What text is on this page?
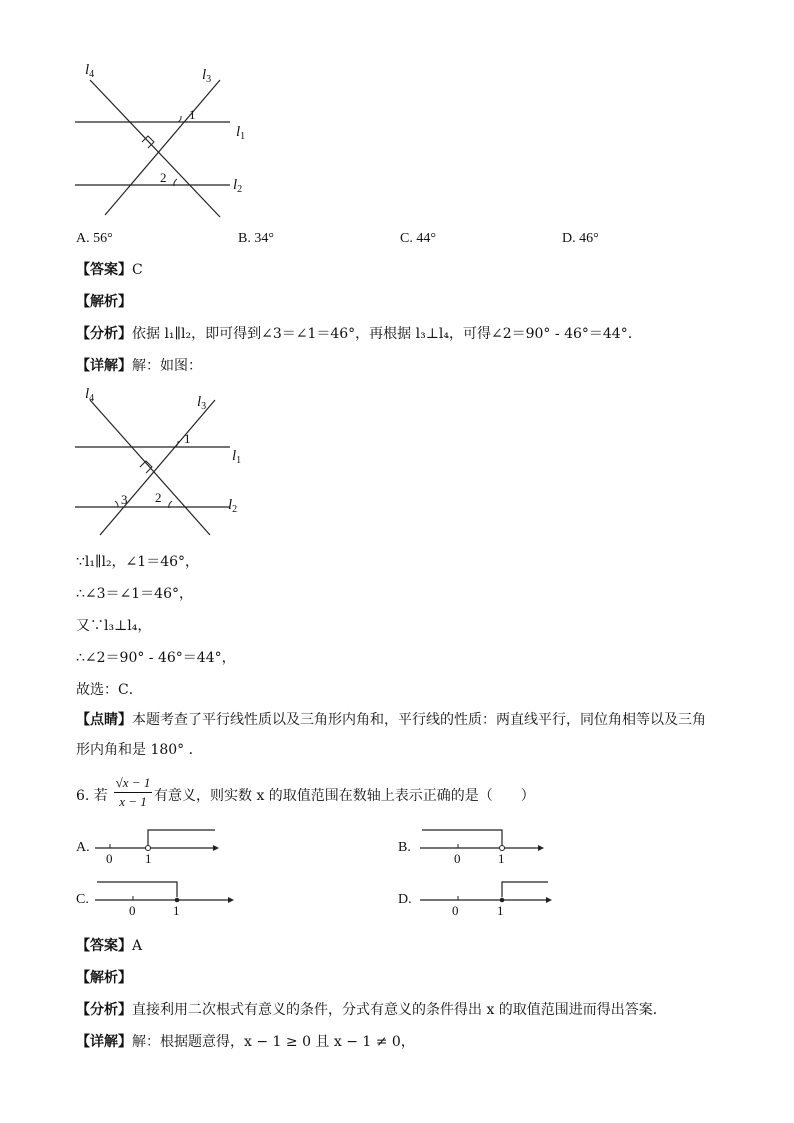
$l_4$	$l_3$
$l_1$
$l_2$
1
2
A. 56°	B. 34°	C. 44°	D. 46°
【答案】C
【解析】
【分析】依据 l₁∥l₂，即可得到∠3＝∠1＝46°，再根据 l₃⊥l₄，可得∠2＝90° - 46°＝44°.
【详解】解：如图：
$l_4$	$l_3$
$l_1$
$l_2$
1
2
3
∵l₁∥l₂，∠1＝46°，
∴∠3＝∠1＝46°，
又∵l₃⊥l₄，
∴∠2＝90° - 46°＝44°，
故选：C．
【点睛】本题考查了平行线性质以及三角形内角和，平行线的性质：两直线平行，同位角相等以及三角
形内角和是 180° ．
6. 若 $\frac{√x - 1}{x - 1}$ 有意义，则实数 x 的取值范围在数轴上表示正确的是（　　）
A.
0	1
B.
0	1
C.
0	1
D.
0	1
【答案】A
【解析】
【分析】直接利用二次根式有意义的条件，分式有意义的条件得出 x 的取值范围进而得出答案．
【详解】解：根据题意得，x − 1 ≥ 0 且 x − 1 ≠ 0，
